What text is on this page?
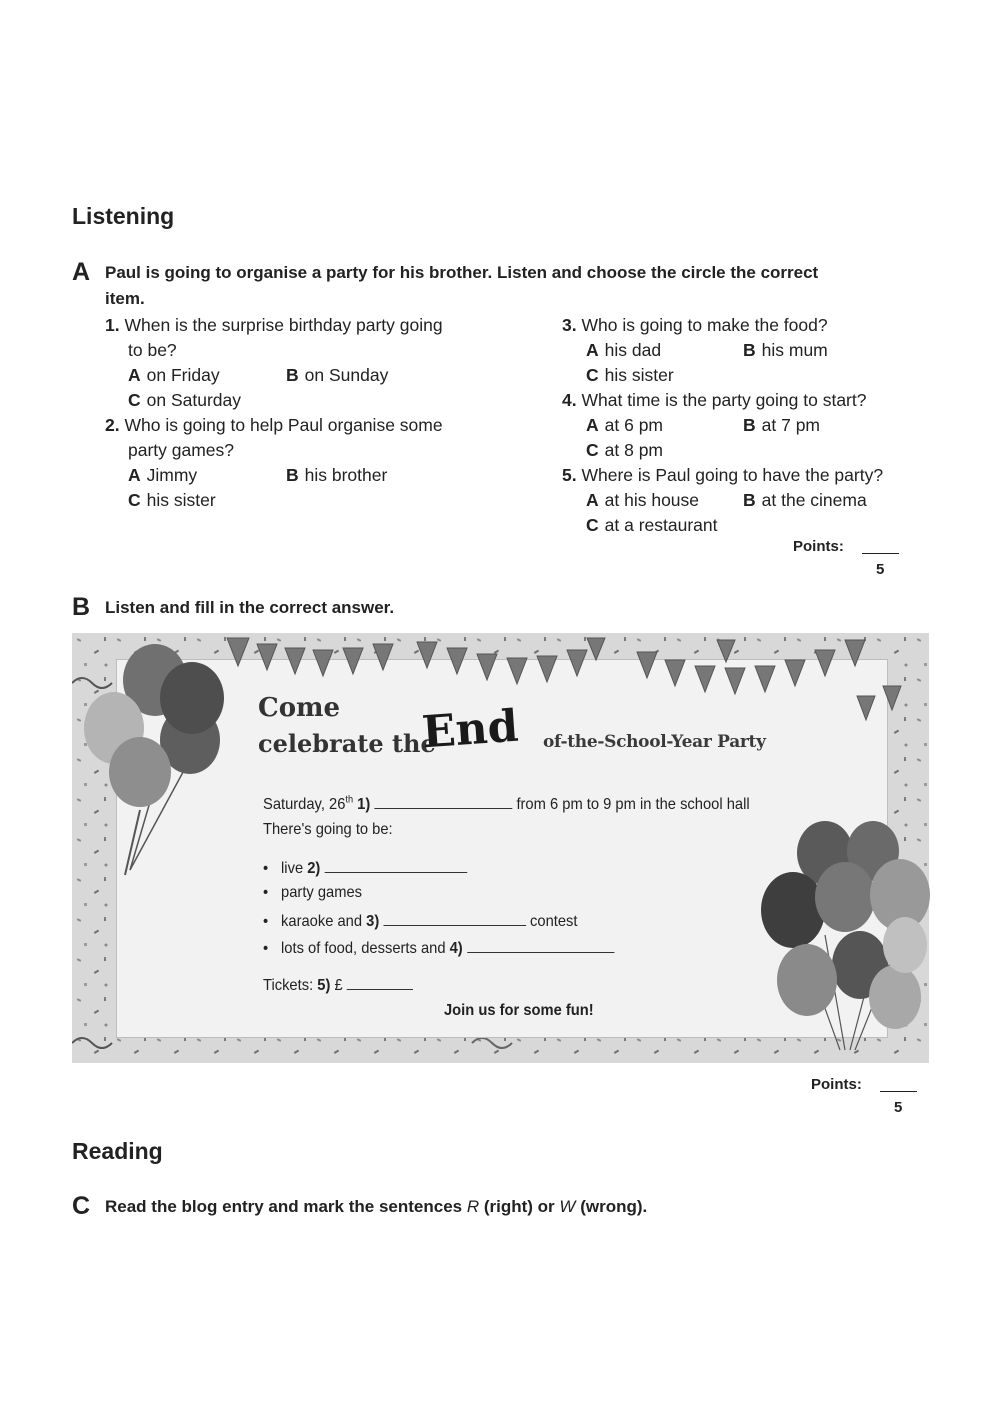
Listening
A Paul is going to organise a party for his brother. Listen and choose the circle the correct
item.
1. When is the surprise birthday party going
to be?
A on Friday	B on Sunday
C on Saturday
2. Who is going to help Paul organise some
party games?
A Jimmy	B his brother
C his sister
3. Who is going to make the food?
A his dad	B his mum
C his sister
4. What time is the party going to start?
A at 6 pm	B at 7 pm
C at 8 pm
5. Where is Paul going to have the party?
A at his house	B at the cinema
C at a restaurant
Points:
5
B Listen and fill in the correct answer.
Come
celebrate the
End of-the-School-Year Party
Saturday, 26th 1)	from 6 pm to 9 pm in the school hall
There's going to be:
• live 2)
• party games
• karaoke and 3)	contest
• lots of food, desserts and 4)
Tickets: 5) £
Join us for some fun!
Points:
5
Reading
C Read the blog entry and mark the sentences R (right) or W (wrong).
